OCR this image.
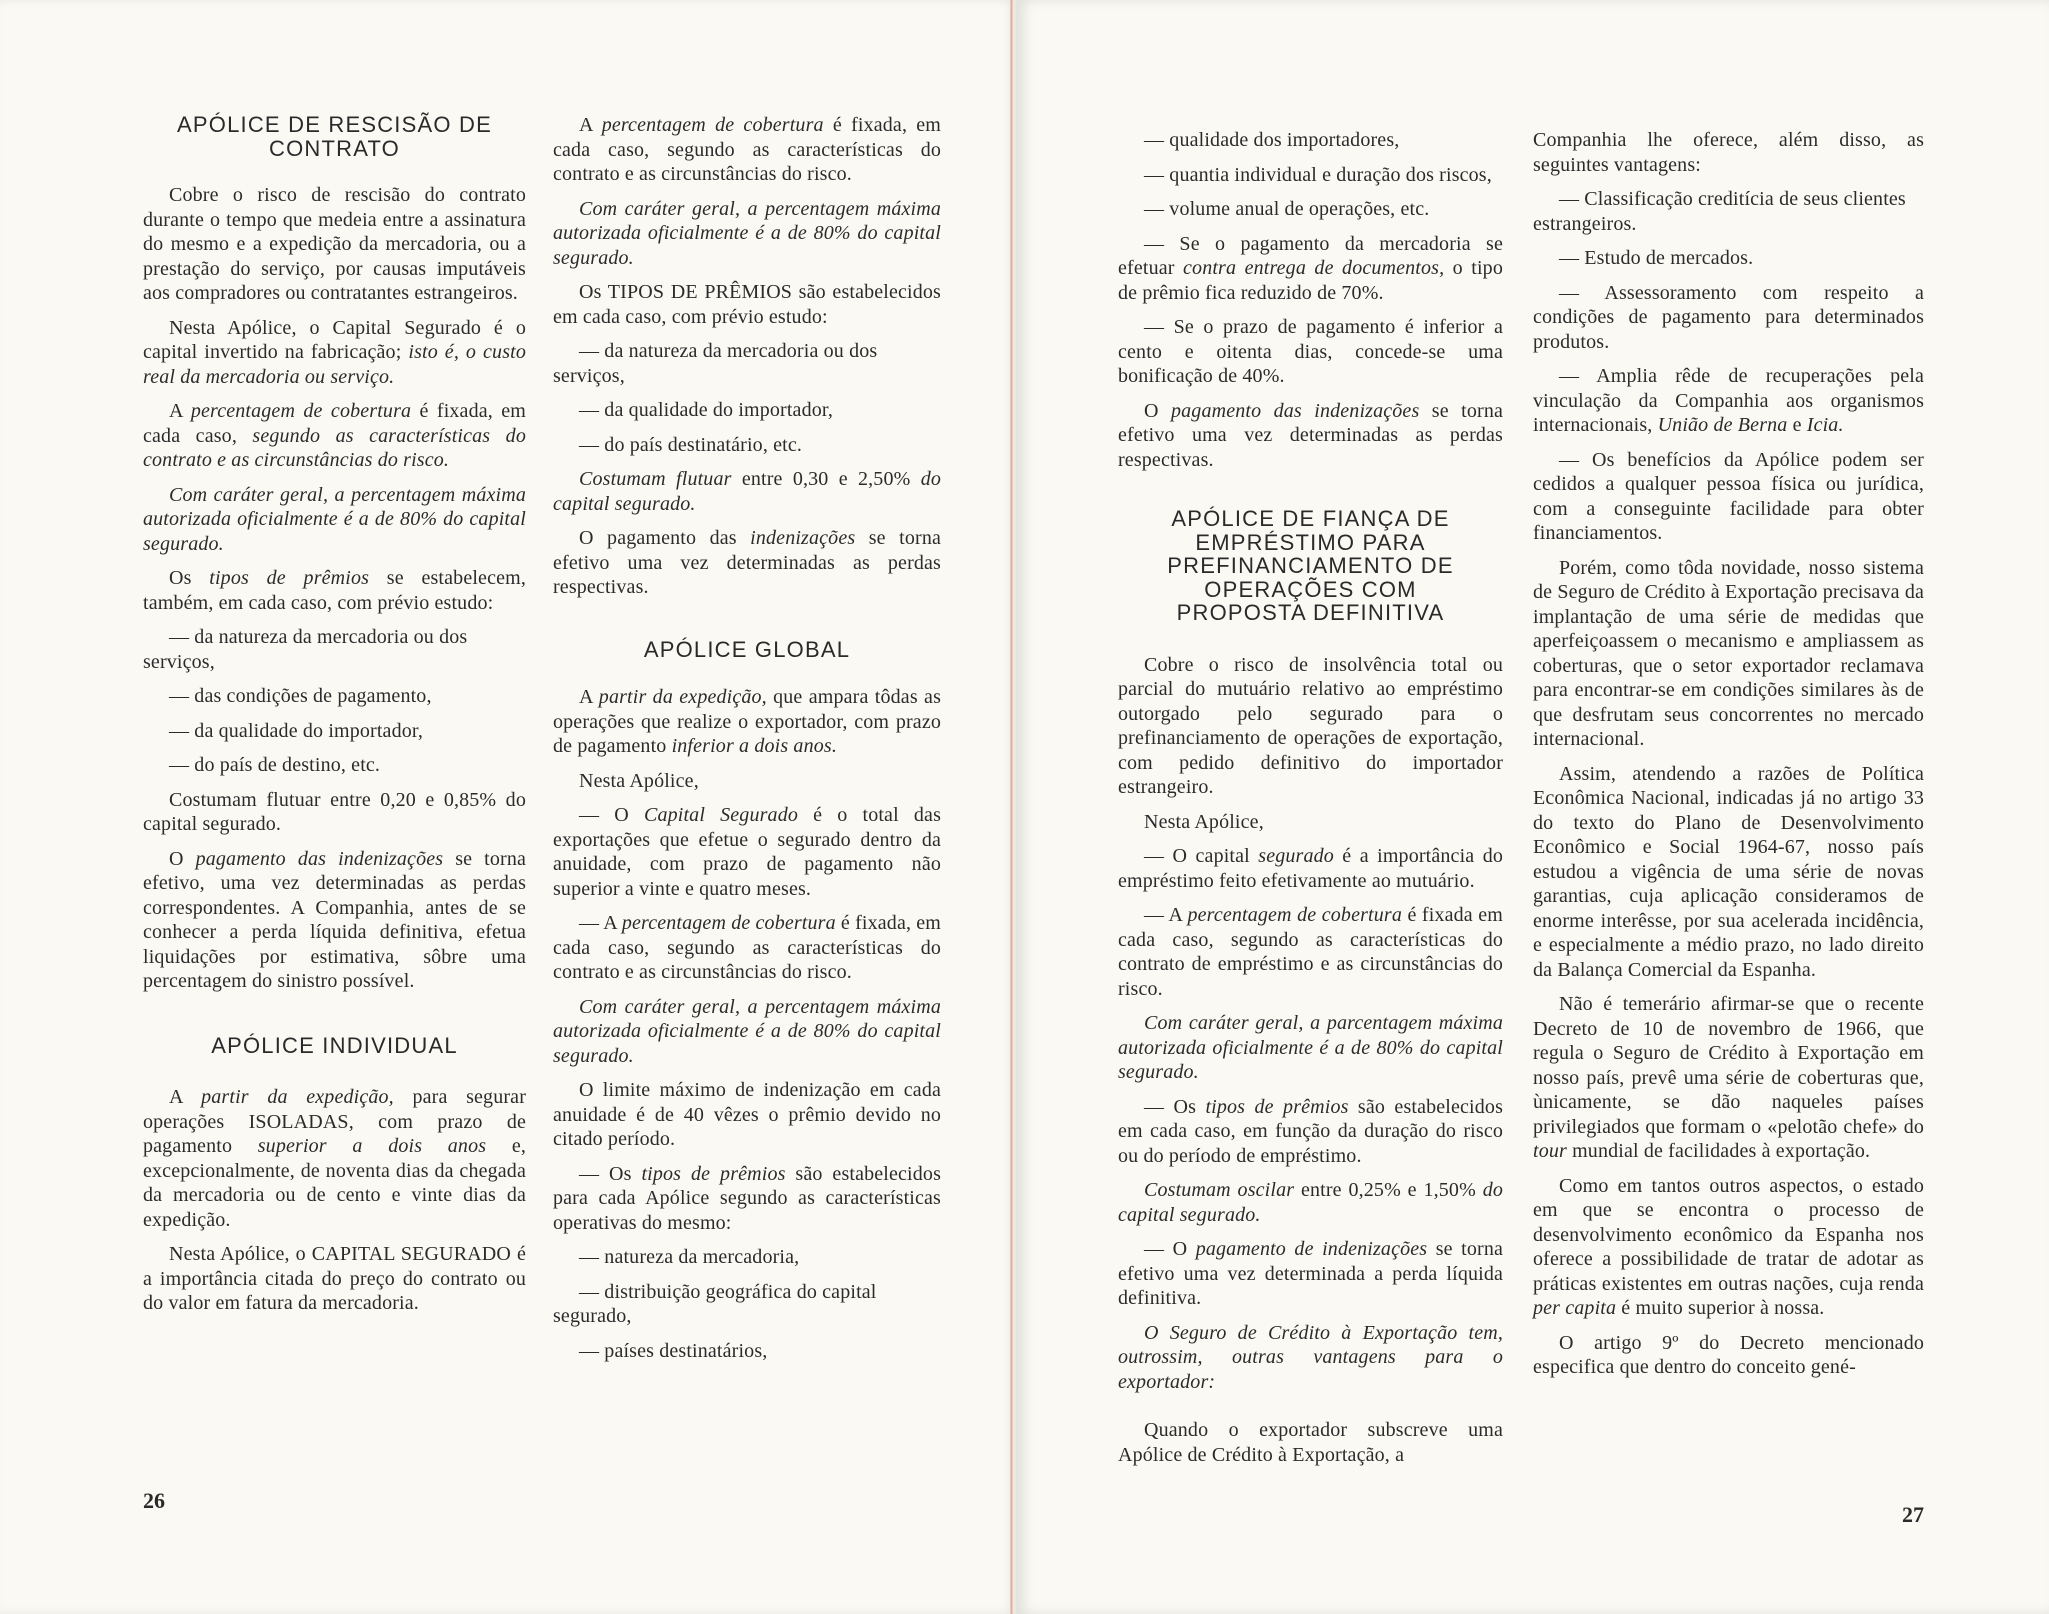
APÓLICE DE RESCISÃO DE CONTRATO

Cobre o risco de rescisão do contrato durante o tempo que medeia entre a assinatura do mesmo e a expedição da mercadoria, ou a prestação do serviço, por causas imputáveis aos compradores ou contratantes estrangeiros.

Nesta Apólice, o Capital Segurado é o capital invertido na fabricação; isto é, o custo real da mercadoria ou serviço.

A percentagem de cobertura é fixada, em cada caso, segundo as características do contrato e as circunstâncias do risco.

Com caráter geral, a percentagem máxima autorizada oficialmente é a de 80% do capital segurado.

Os tipos de prêmios se estabelecem, também, em cada caso, com prévio estudo:

— da natureza da mercadoria ou dos serviços,

— das condições de pagamento,

— da qualidade do importador,

— do país de destino, etc.

Costumam flutuar entre 0,20 e 0,85% do capital segurado.

O pagamento das indenizações se torna efetivo, uma vez determinadas as perdas correspondentes. A Companhia, antes de se conhecer a perda líquida definitiva, efetua liquidações por estimativa, sôbre uma percentagem do sinistro possível.

APÓLICE INDIVIDUAL

A partir da expedição, para segurar operações ISOLADAS, com prazo de pagamento superior a dois anos e, excepcionalmente, de noventa dias da chegada da mercadoria ou de cento e vinte dias da expedição.

Nesta Apólice, o CAPITAL SEGURADO é a importância citada do preço do contrato ou do valor em fatura da mercadoria.

A percentagem de cobertura é fixada, em cada caso, segundo as características do contrato e as circunstâncias do risco.

Com caráter geral, a percentagem máxima autorizada oficialmente é a de 80% do capital segurado.

Os TIPOS DE PRÊMIOS são estabelecidos em cada caso, com prévio estudo:

— da natureza da mercadoria ou dos serviços,

— da qualidade do importador,

— do país destinatário, etc.

Costumam flutuar entre 0,30 e 2,50% do capital segurado.

O pagamento das indenizações se torna efetivo uma vez determinadas as perdas respectivas.

APÓLICE GLOBAL

A partir da expedição, que ampara tôdas as operações que realize o exportador, com prazo de pagamento inferior a dois anos.

Nesta Apólice,

— O Capital Segurado é o total das exportações que efetue o segurado dentro da anuidade, com prazo de pagamento não superior a vinte e quatro meses.

— A percentagem de cobertura é fixada, em cada caso, segundo as características do contrato e as circunstâncias do risco.

Com caráter geral, a percentagem máxima autorizada oficialmente é a de 80% do capital segurado.

O limite máximo de indenização em cada anuidade é de 40 vêzes o prêmio devido no citado período.

— Os tipos de prêmios são estabelecidos para cada Apólice segundo as características operativas do mesmo:

— natureza da mercadoria,

— distribuição geográfica do capital segurado,

— países destinatários,

26

— qualidade dos importadores,

— quantia individual e duração dos riscos,

— volume anual de operações, etc.

— Se o pagamento da mercadoria se efetuar contra entrega de documentos, o tipo de prêmio fica reduzido de 70%.

— Se o prazo de pagamento é inferior a cento e oitenta dias, concede-se uma bonificação de 40%.

O pagamento das indenizações se torna efetivo uma vez determinadas as perdas respectivas.

APÓLICE DE FIANÇA DE EMPRÉSTIMO PARA PREFINANCIAMENTO DE OPERAÇÕES COM PROPOSTA DEFINITIVA

Cobre o risco de insolvência total ou parcial do mutuário relativo ao empréstimo outorgado pelo segurado para o prefinanciamento de operações de exportação, com pedido definitivo do importador estrangeiro.

Nesta Apólice,

— O capital segurado é a importância do empréstimo feito efetivamente ao mutuário.

— A percentagem de cobertura é fixada em cada caso, segundo as características do contrato de empréstimo e as circunstâncias do risco.

Com caráter geral, a parcentagem máxima autorizada oficialmente é a de 80% do capital segurado.

— Os tipos de prêmios são estabelecidos em cada caso, em função da duração do risco ou do período de empréstimo.

Costumam oscilar entre 0,25% e 1,50% do capital segurado.

— O pagamento de indenizações se torna efetivo uma vez determinada a perda líquida definitiva.

O Seguro de Crédito à Exportação tem, outrossim, outras vantagens para o exportador:

Quando o exportador subscreve uma Apólice de Crédito à Exportação, a

Companhia lhe oferece, além disso, as seguintes vantagens:

— Classificação creditícia de seus clientes estrangeiros.

— Estudo de mercados.

— Assessoramento com respeito a condições de pagamento para determinados produtos.

— Amplia rêde de recuperações pela vinculação da Companhia aos organismos internacionais, União de Berna e Icia.

— Os benefícios da Apólice podem ser cedidos a qualquer pessoa física ou jurídica, com a conseguinte facilidade para obter financiamentos.

Porém, como tôda novidade, nosso sistema de Seguro de Crédito à Exportação precisava da implantação de uma série de medidas que aperfeiçoassem o mecanismo e ampliassem as coberturas, que o setor exportador reclamava para encontrar-se em condições similares às de que desfrutam seus concorrentes no mercado internacional.

Assim, atendendo a razões de Política Econômica Nacional, indicadas já no artigo 33 do texto do Plano de Desenvolvimento Econômico e Social 1964-67, nosso país estudou a vigência de uma série de novas garantias, cuja aplicação consideramos de enorme interêsse, por sua acelerada incidência, e especialmente a médio prazo, no lado direito da Balança Comercial da Espanha.

Não é temerário afirmar-se que o recente Decreto de 10 de novembro de 1966, que regula o Seguro de Crédito à Exportação em nosso país, prevê uma série de coberturas que, ùnicamente, se dão naqueles países privilegiados que formam o «pelotão chefe» do tour mundial de facilidades à exportação.

Como em tantos outros aspectos, o estado em que se encontra o processo de desenvolvimento econômico da Espanha nos oferece a possibilidade de tratar de adotar as práticas existentes em outras nações, cuja renda per capita é muito superior à nossa.

O artigo 9º do Decreto mencionado especifica que dentro do conceito gené-

27
